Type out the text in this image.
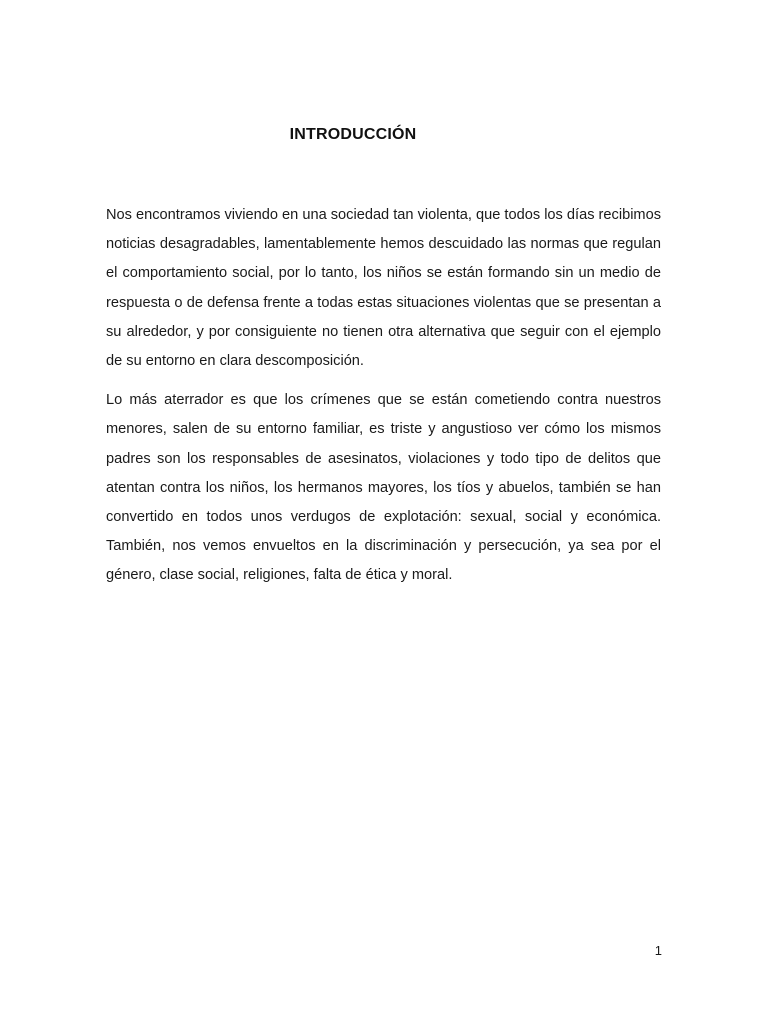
INTRODUCCIÓN

Nos encontramos viviendo en una sociedad tan violenta, que todos los días recibimos noticias desagradables, lamentablemente hemos descuidado las normas que regulan el comportamiento social, por lo tanto, los niños se están formando sin un medio de respuesta o de defensa frente a todas estas situaciones violentas que se presentan a su alrededor, y por consiguiente no tienen otra alternativa que seguir con el ejemplo de su entorno en clara descomposición.

Lo más aterrador es que los crímenes que se están cometiendo contra nuestros menores, salen de su entorno familiar, es triste y angustioso ver cómo los mismos padres son los responsables de asesinatos, violaciones y todo tipo de delitos que atentan contra los niños, los hermanos mayores, los tíos y abuelos, también se han convertido en todos unos verdugos de explotación: sexual, social y económica. También, nos vemos envueltos en la discriminación y persecución, ya sea por el género, clase social, religiones, falta de ética y moral.

1
